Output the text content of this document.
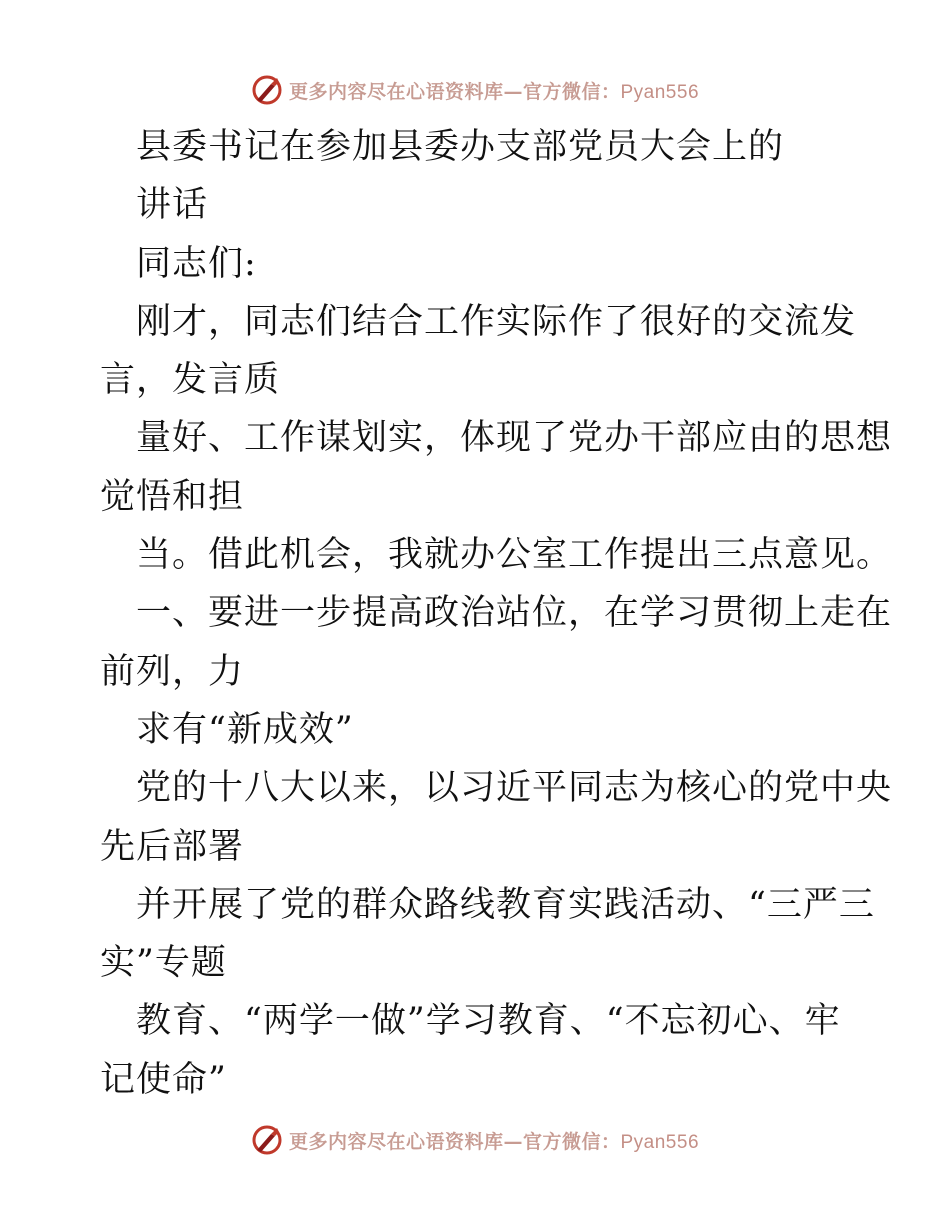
更多内容尽在心语资料库—官方微信：Pyan556
县委书记在参加县委办支部党员大会上的
讲话
同志们:
刚才，同志们结合工作实际作了很好的交流发
言，发言质
量好、工作谋划实，体现了党办干部应由的思想
觉悟和担
当。借此机会，我就办公室工作提出三点意见。
一、要进一步提高政治站位，在学习贯彻上走在
前列，力
求有“新成效”
党的十八大以来，以习近平同志为核心的党中央
先后部署
并开展了党的群众路线教育实践活动、“三严三
实”专题
教育、“两学一做”学习教育、“不忘初心、牢
记使命”
更多内容尽在心语资料库—官方微信：Pyan556
